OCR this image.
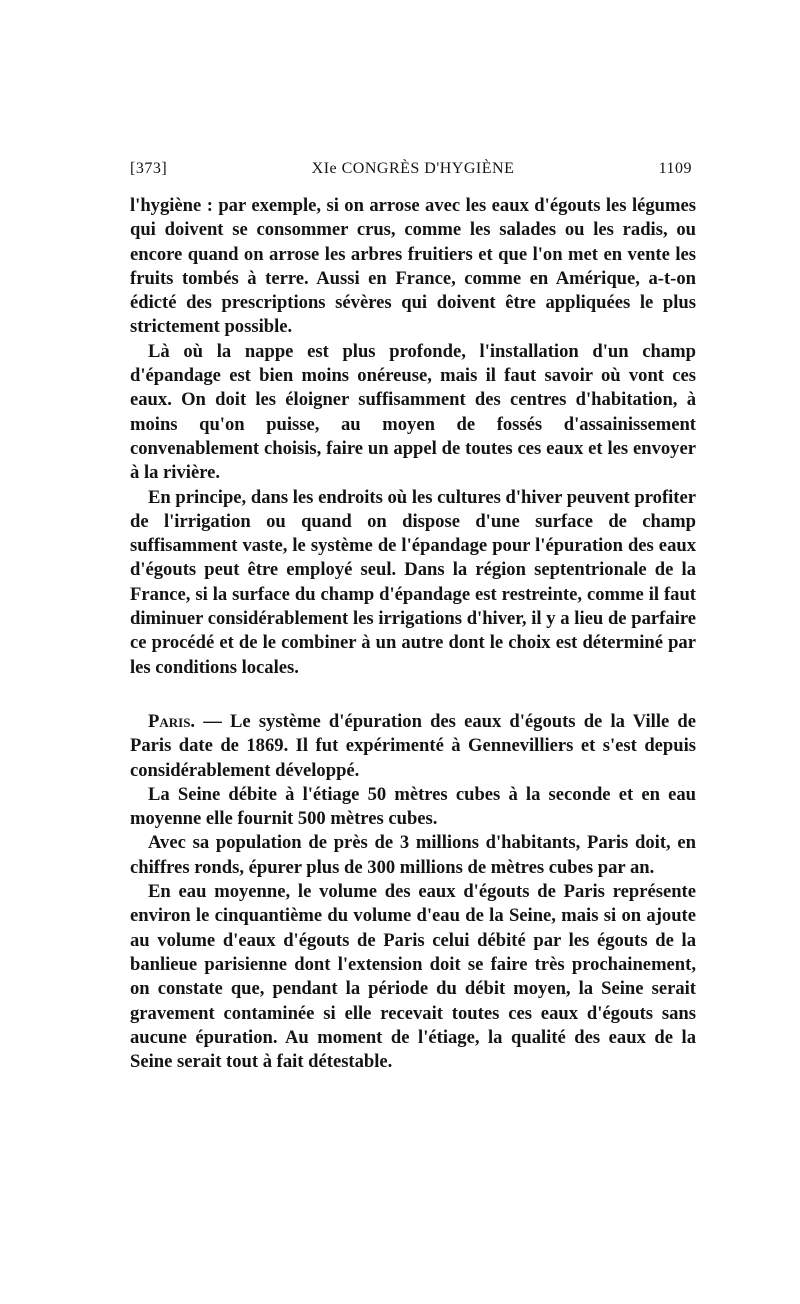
[373]	XIe CONGRÈS D'HYGIÈNE	1109

l'hygiène : par exemple, si on arrose avec les eaux d'égouts les légumes qui doivent se consommer crus, comme les salades ou les radis, ou encore quand on arrose les arbres fruitiers et que l'on met en vente les fruits tombés à terre. Aussi en France, comme en Amérique, a-t-on édicté des prescriptions sévères qui doivent être appliquées le plus strictement possible.

Là où la nappe est plus profonde, l'installation d'un champ d'épandage est bien moins onéreuse, mais il faut savoir où vont ces eaux. On doit les éloigner suffisamment des centres d'habitation, à moins qu'on puisse, au moyen de fossés d'assainissement convenablement choisis, faire un appel de toutes ces eaux et les envoyer à la rivière.

En principe, dans les endroits où les cultures d'hiver peuvent profiter de l'irrigation ou quand on dispose d'une surface de champ suffisamment vaste, le système de l'épandage pour l'épuration des eaux d'égouts peut être employé seul. Dans la région septentrionale de la France, si la surface du champ d'épandage est restreinte, comme il faut diminuer considérablement les irrigations d'hiver, il y a lieu de parfaire ce procédé et de le combiner à un autre dont le choix est déterminé par les conditions locales.

Paris. — Le système d'épuration des eaux d'égouts de la Ville de Paris date de 1869. Il fut expérimenté à Gennevilliers et s'est depuis considérablement développé.

La Seine débite à l'étiage 50 mètres cubes à la seconde et en eau moyenne elle fournit 500 mètres cubes.

Avec sa population de près de 3 millions d'habitants, Paris doit, en chiffres ronds, épurer plus de 300 millions de mètres cubes par an.

En eau moyenne, le volume des eaux d'égouts de Paris représente environ le cinquantième du volume d'eau de la Seine, mais si on ajoute au volume d'eaux d'égouts de Paris celui débité par les égouts de la banlieue parisienne dont l'extension doit se faire très prochainement, on constate que, pendant la période du débit moyen, la Seine serait gravement contaminée si elle recevait toutes ces eaux d'égouts sans aucune épuration. Au moment de l'étiage, la qualité des eaux de la Seine serait tout à fait détestable.
